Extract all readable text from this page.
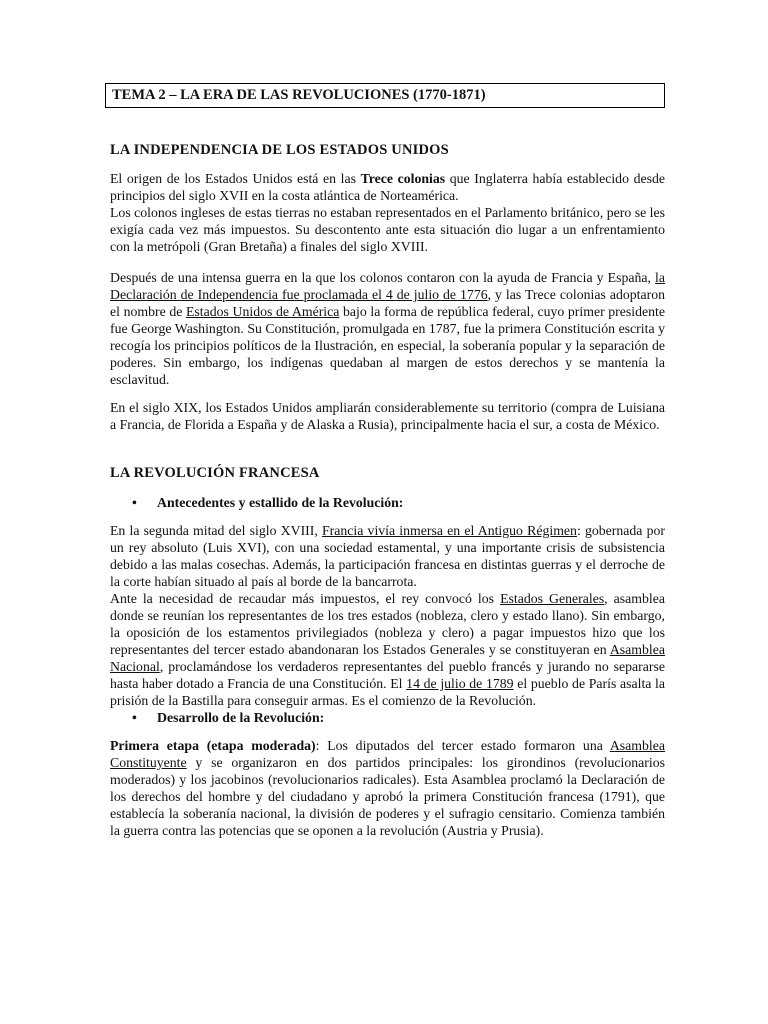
TEMA 2 – LA ERA DE LAS REVOLUCIONES (1770-1871)
LA INDEPENDENCIA DE LOS ESTADOS UNIDOS

El origen de los Estados Unidos está en las Trece colonias que Inglaterra había establecido desde principios del siglo XVII en la costa atlántica de Norteamérica.

Los colonos ingleses de estas tierras no estaban representados en el Parlamento británico, pero se les exigía cada vez más impuestos. Su descontento ante esta situación dio lugar a un enfrentamiento con la metrópoli (Gran Bretaña) a finales del siglo XVIII.

Después de una intensa guerra en la que los colonos contaron con la ayuda de Francia y España, la Declaración de Independencia fue proclamada el 4 de julio de 1776, y las Trece colonias adoptaron el nombre de Estados Unidos de América bajo la forma de república federal, cuyo primer presidente fue George Washington. Su Constitución, promulgada en 1787, fue la primera Constitución escrita y recogía los principios políticos de la Ilustración, en especial, la soberanía popular y la separación de poderes. Sin embargo, los indígenas quedaban al margen de estos derechos y se mantenía la esclavitud.

En el siglo XIX, los Estados Unidos ampliarán considerablemente su territorio (compra de Luisiana a Francia, de Florida a España y de Alaska a Rusia), principalmente hacia el sur, a costa de México.

LA REVOLUCIÓN FRANCESA
• Antecedentes y estallido de la Revolución:

En la segunda mitad del siglo XVIII, Francia vivía inmersa en el Antiguo Régimen: gobernada por un rey absoluto (Luis XVI), con una sociedad estamental, y una importante crisis de subsistencia debido a las malas cosechas. Además, la participación francesa en distintas guerras y el derroche de la corte habían situado al país al borde de la bancarrota.

Ante la necesidad de recaudar más impuestos, el rey convocó los Estados Generales, asamblea donde se reunían los representantes de los tres estados (nobleza, clero y estado llano). Sin embargo, la oposición de los estamentos privilegiados (nobleza y clero) a pagar impuestos hizo que los representantes del tercer estado abandonaran los Estados Generales y se constituyeran en Asamblea Nacional, proclamándose los verdaderos representantes del pueblo francés y jurando no separarse hasta haber dotado a Francia de una Constitución. El 14 de julio de 1789 el pueblo de París asalta la prisión de la Bastilla para conseguir armas. Es el comienzo de la Revolución.

• Desarrollo de la Revolución:

Primera etapa (etapa moderada): Los diputados del tercer estado formaron una Asamblea Constituyente y se organizaron en dos partidos principales: los girondinos (revolucionarios moderados) y los jacobinos (revolucionarios radicales). Esta Asamblea proclamó la Declaración de los derechos del hombre y del ciudadano y aprobó la primera Constitución francesa (1791), que establecía la soberanía nacional, la división de poderes y el sufragio censitario. Comienza también la guerra contra las potencias que se oponen a la revolución (Austria y Prusia).
